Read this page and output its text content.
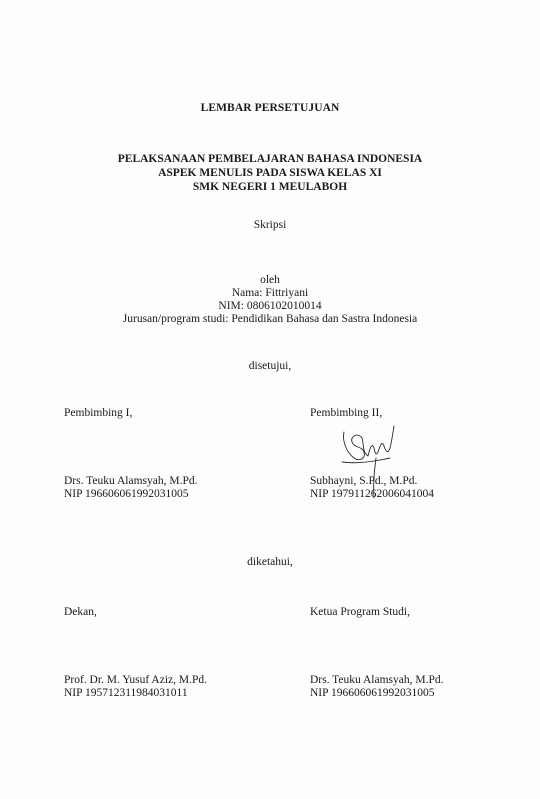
LEMBAR PERSETUJUAN
PELAKSANAAN PEMBELAJARAN BAHASA INDONESIA
ASPEK MENULIS PADA SISWA KELAS XI
SMK NEGERI 1 MEULABOH
Skripsi
oleh
Nama: Fittriyani
NIM: 0806102010014
Jurusan/program studi: Pendidikan Bahasa dan Sastra Indonesia
disetujui,
Pembimbing I,	Pembimbing II,
Drs. Teuku Alamsyah, M.Pd.
NIP 196606061992031005
Subhayni, S.Pd., M.Pd.
NIP 197911262006041004
diketahui,
Dekan,	Ketua Program Studi,
Prof. Dr. M. Yusuf Aziz, M.Pd.
NIP 195712311984031011
Drs. Teuku Alamsyah, M.Pd.
NIP 196606061992031005
